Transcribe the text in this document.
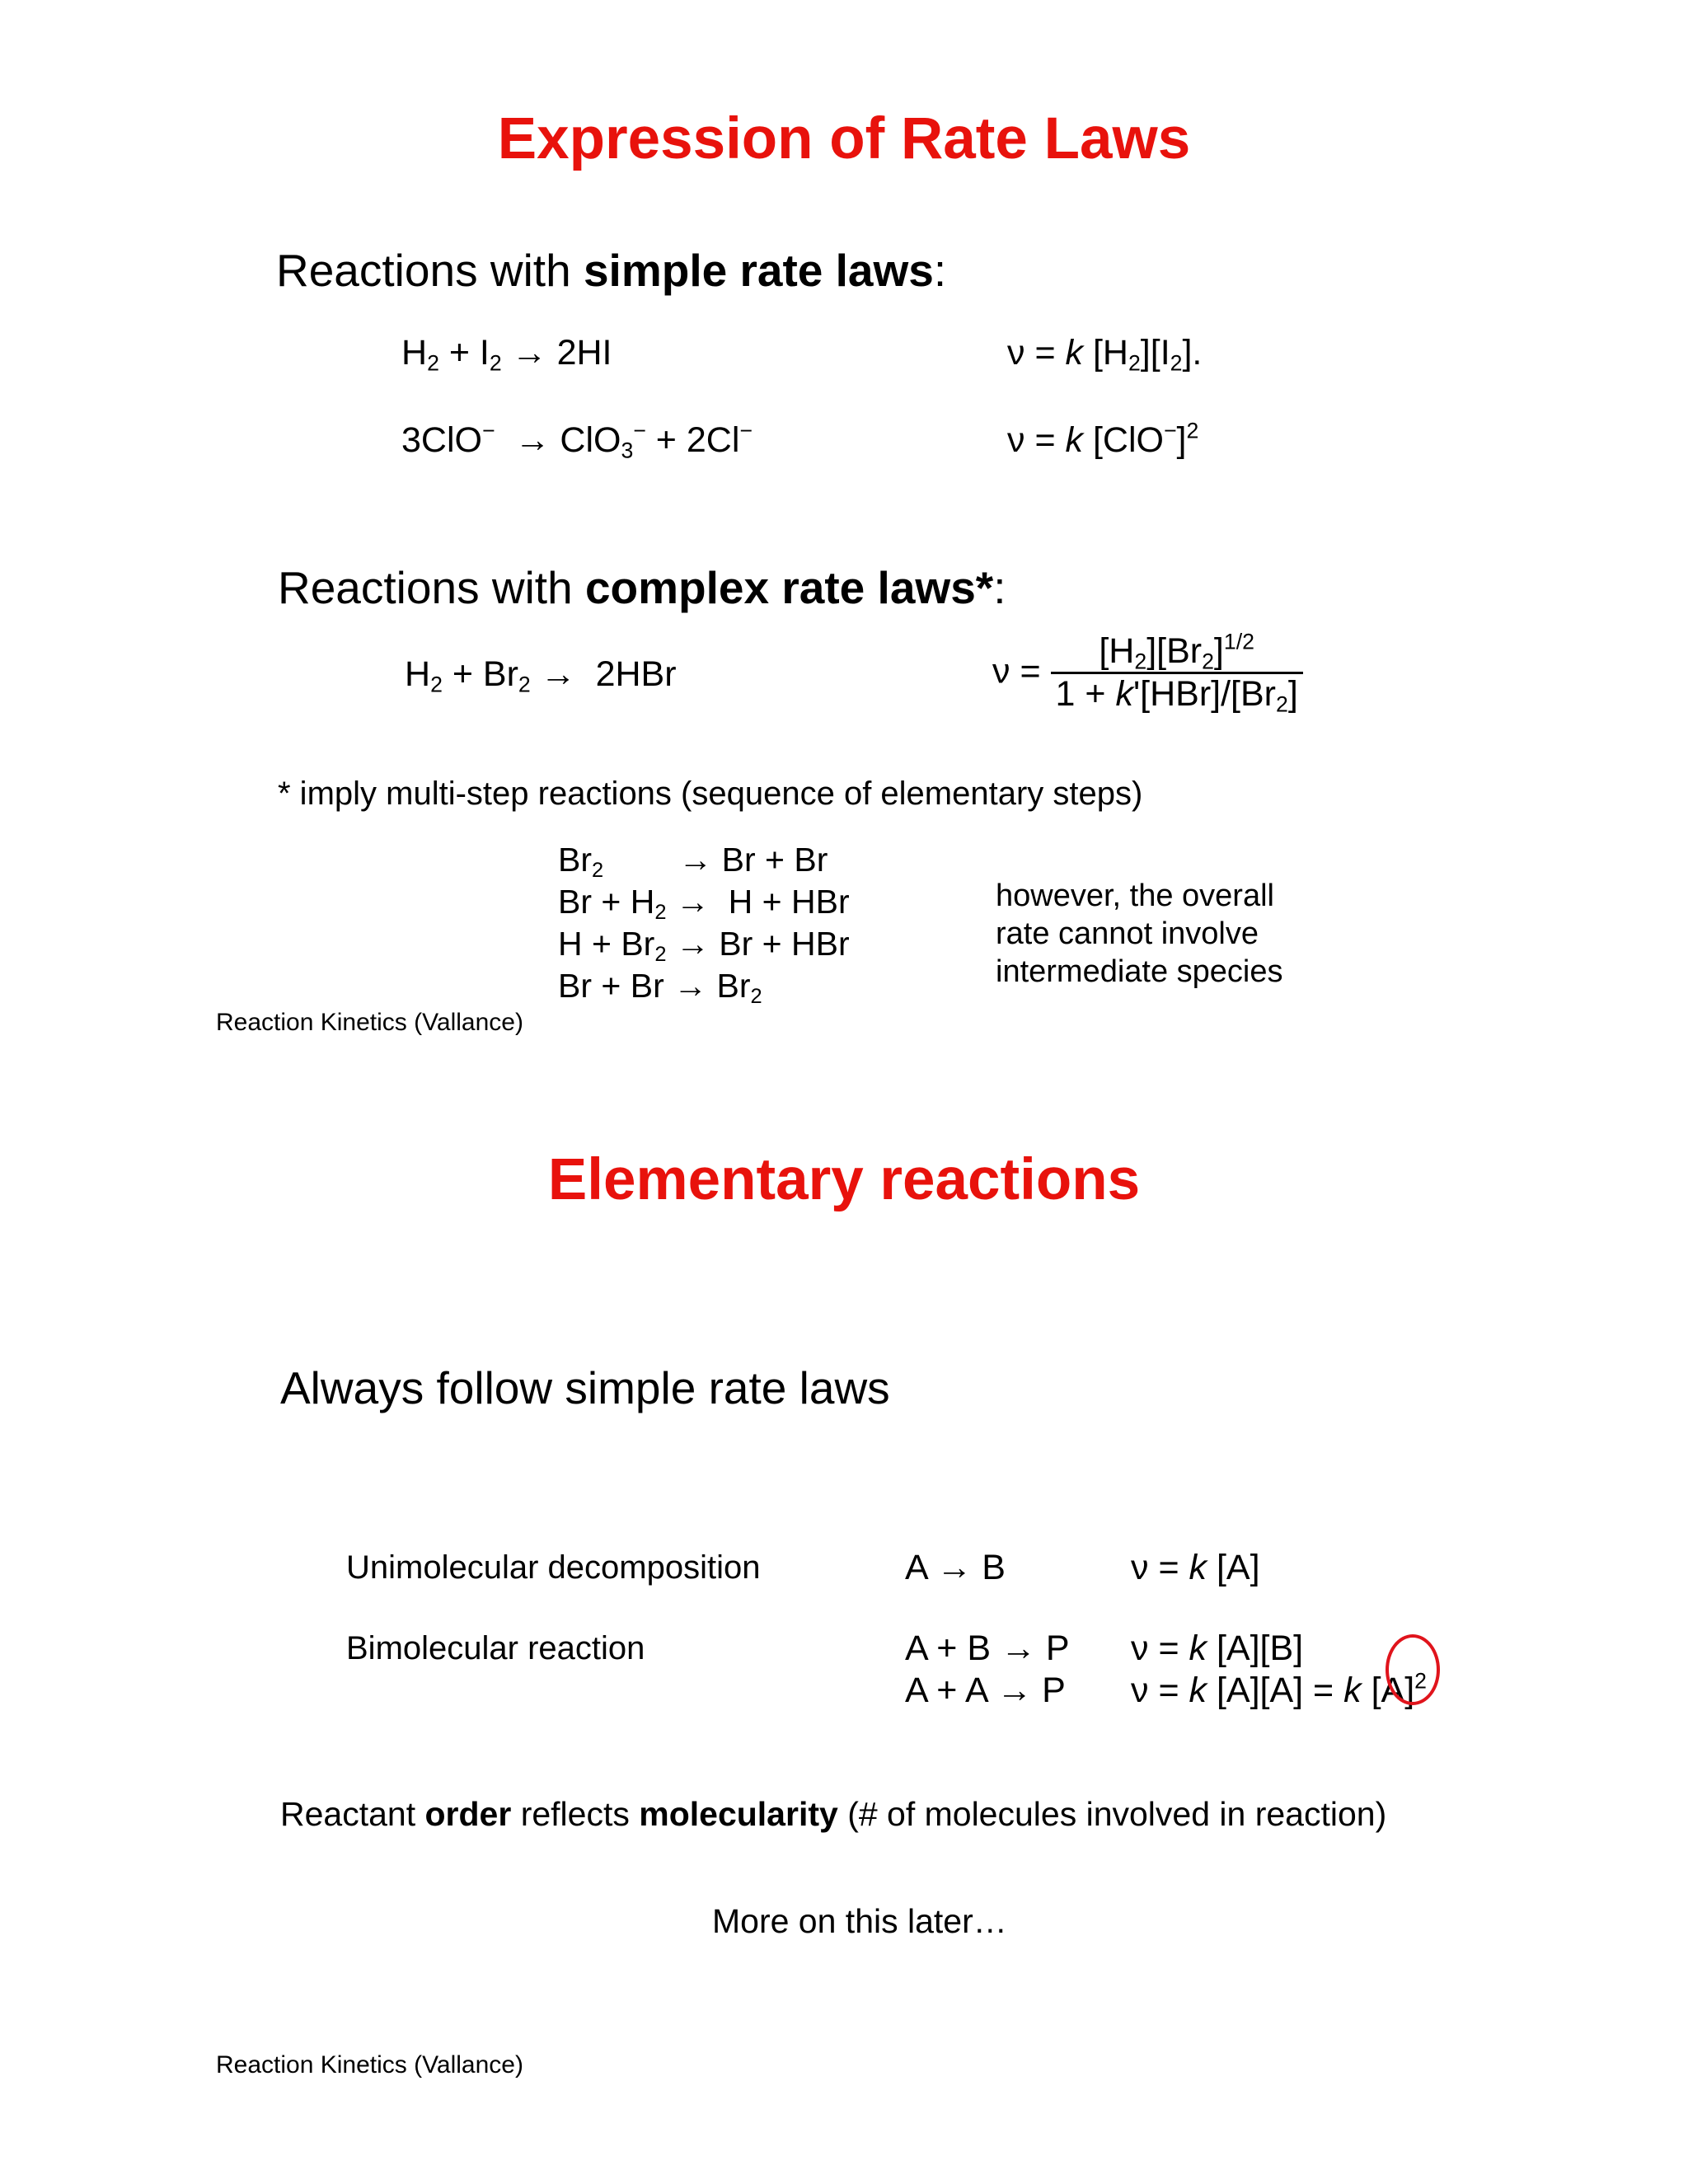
Expression of Rate Laws
Reactions with simple rate laws:
$H_2 + I_2 \to 2HI$	ν = k $[H_2][I_2]$.
3ClO−  → ClO$_3$− + 2Cl−	ν = k $[ClO^-]^2$
Reactions with complex rate laws*:
$H_2 + Br_2 \to 2HBr$	$\nu = \frac{[H_2][Br_2]^{1/2}}{1 + k'[HBr]/[Br_2]}$
* imply multi-step reactions (sequence of elementary steps)
$Br_2$        → Br + Br
$Br + H_2 \to H$ + HBr
$H + Br_2 \to Br$ + HBr
$Br + Br \to Br_2$
however, the overall
rate cannot involve
intermediate species
Reaction Kinetics (Vallance)
Elementary reactions
Always follow simple rate laws
Unimolecular decomposition	A → B	ν = k [A]
Bimolecular reaction	A + B → P ν = k [A][B]
A + A → P ν = k [A][A] = k $[A]^2$
Reactant order reflects molecularity (# of molecules involved in reaction)
More on this later…
Reaction Kinetics (Vallance)
